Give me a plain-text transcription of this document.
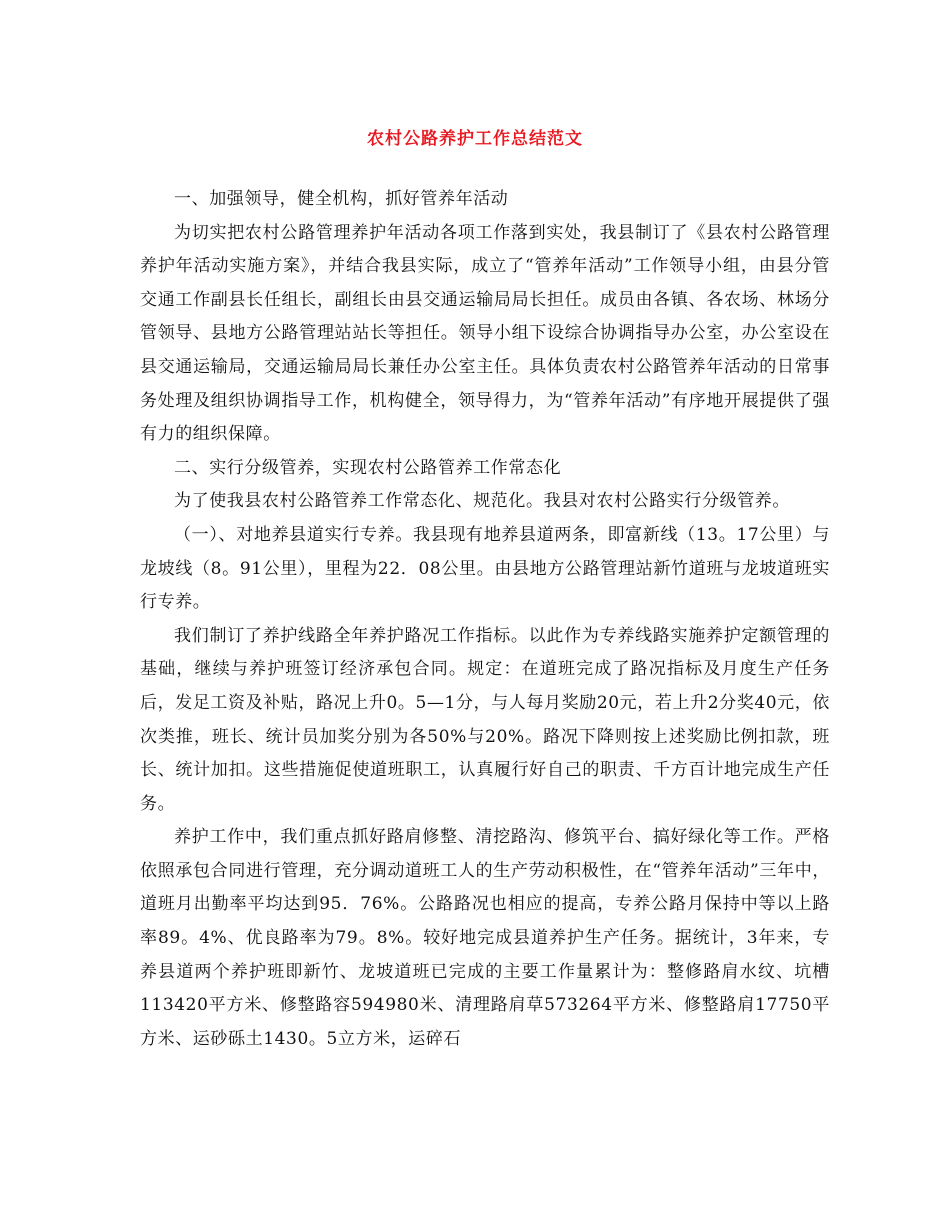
农村公路养护工作总结范文

一、加强领导，健全机构，抓好管养年活动

为切实把农村公路管理养护年活动各项工作落到实处，我县制订了《县农村公路管理养护年活动实施方案》，并结合我县实际，成立了“管养年活动”工作领导小组，由县分管交通工作副县长任组长，副组长由县交通运输局局长担任。成员由各镇、各农场、林场分管领导、县地方公路管理站站长等担任。领导小组下设综合协调指导办公室，办公室设在县交通运输局，交通运输局局长兼任办公室主任。具体负责农村公路管养年活动的日常事务处理及组织协调指导工作，机构健全，领导得力，为“管养年活动”有序地开展提供了强有力的组织保障。

二、实行分级管养，实现农村公路管养工作常态化

为了使我县农村公路管养工作常态化、规范化。我县对农村公路实行分级管养。

（一）、对地养县道实行专养。我县现有地养县道两条，即富新线（13。17公里）与龙坡线（8。91公里），里程为22．08公里。由县地方公路管理站新竹道班与龙坡道班实行专养。

我们制订了养护线路全年养护路况工作指标。以此作为专养线路实施养护定额管理的基础，继续与养护班签订经济承包合同。规定：在道班完成了路况指标及月度生产任务后，发足工资及补贴，路况上升0。5—1分，与人每月奖励20元，若上升2分奖40元，依次类推，班长、统计员加奖分别为各50%与20%。路况下降则按上述奖励比例扣款，班长、统计加扣。这些措施促使道班职工，认真履行好自己的职责、千方百计地完成生产任务。

养护工作中，我们重点抓好路肩修整、清挖路沟、修筑平台、搞好绿化等工作。严格依照承包合同进行管理，充分调动道班工人的生产劳动积极性，在“管养年活动”三年中，道班月出勤率平均达到95．76%。公路路况也相应的提高，专养公路月保持中等以上路率89。4%、优良路率为79。8%。较好地完成县道养护生产任务。据统计，3年来，专养县道两个养护班即新竹、龙坡道班已完成的主要工作量累计为：整修路肩水纹、坑槽113420平方米、修整路容594980米、清理路肩草573264平方米、修整路肩17750平方米、运砂砾土1430。5立方米，运碎石
